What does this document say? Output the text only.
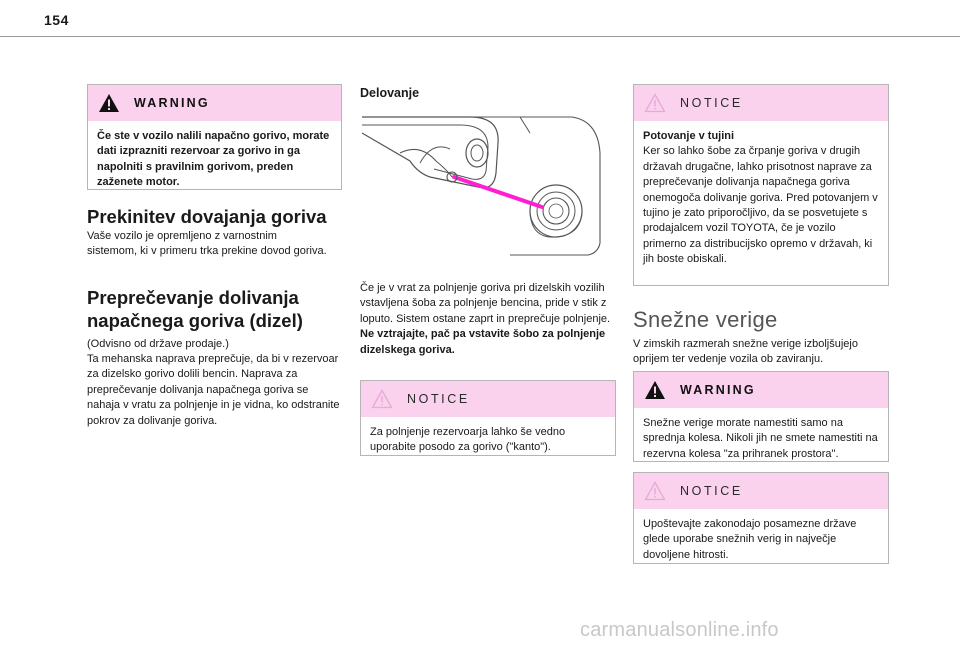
154
WARNING
Če ste v vozilo nalili napačno gorivo, morate dati izprazniti rezervoar za gorivo in ga napolniti s pravilnim gorivom, preden zaženete motor.
Prekinitev dovajanja goriva
Vaše vozilo je opremljeno z varnostnim sistemom, ki v primeru trka prekine dovod goriva.
Preprečevanje dolivanja
napačnega goriva (dizel)
(Odvisno od države prodaje.)
Ta mehanska naprava preprečuje, da bi v rezervoar za dizelsko gorivo dolili bencin. Naprava za preprečevanje dolivanja napačnega goriva se nahaja v vratu za polnjenje in je vidna, ko odstranite pokrov za dolivanje goriva.
Delovanje
Če je v vrat za polnjenje goriva pri dizelskih vozilih vstavljena šoba za polnjenje bencina, pride v stik z loputo. Sistem ostane zaprt in preprečuje polnjenje.
Ne vztrajajte, pač pa vstavite šobo za polnjenje dizelskega goriva.
NOTICE
Za polnjenje rezervoarja lahko še vedno uporabite posodo za gorivo ("kanto").
NOTICE
Potovanje v tujini
Ker so lahko šobe za črpanje goriva v drugih državah drugačne, lahko prisotnost naprave za preprečevanje dolivanja napačnega goriva onemogoča dolivanje goriva. Pred potovanjem v tujino je zato priporočljivo, da se posvetujete s prodajalcem vozil TOYOTA, če je vozilo primerno za distribucijsko opremo v državah, ki jih boste obiskali.
Snežne verige
V zimskih razmerah snežne verige izboljšujejo oprijem ter vedenje vozila ob zaviranju.
WARNING
Snežne verige morate namestiti samo na sprednja kolesa. Nikoli jih ne smete namestiti na rezervna kolesa "za prihranek prostora".
NOTICE
Upoštevajte zakonodajo posamezne države glede uporabe snežnih verig in največje dovoljene hitrosti.
carmanualsonline.info
